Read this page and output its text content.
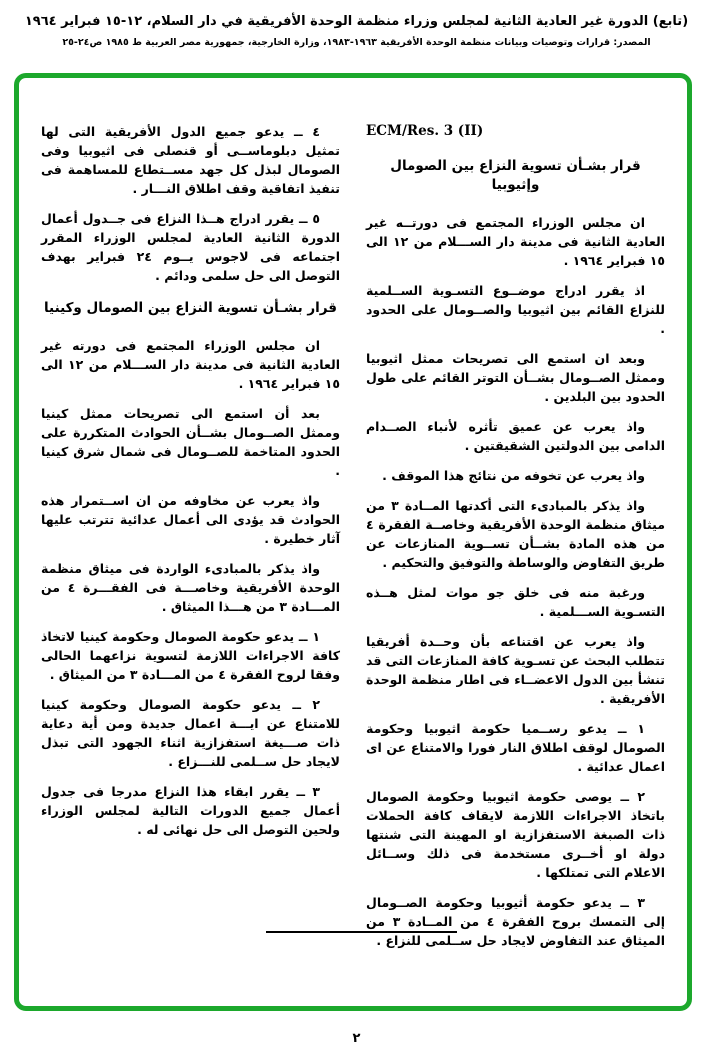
(تابع) الدورة غير العادية الثانية لمجلس وزراء منظمة الوحدة الأفريقية في دار السلام، ١٢-١٥ فبراير ١٩٦٤
المصدر: قرارات وتوصيات وبيانات منظمة الوحدة الأفريقية ١٩٦٣-١٩٨٣، وزارة الخارجية، جمهورية مصر العربية ط ١٩٨٥ ص٢٤-٢٥
ECM/Res. 3 (II)
قرار بشـأن تسوية النزاع بين الصومال وإثيوبيا

ان مجلس الوزراء المجتمع فى دورتــه غير العادية الثانية فى مدينة دار الســـلام من ١٢ الى ١٥ فبراير ١٩٦٤ .

اذ يقرر ادراج موضــوع التسـوية الســلمية للنزاع القائم بين اثيوبيا والصــومال على الحدود .

وبعد ان استمع الى تصريحات ممثل اثيوبيا وممثل الصــومال بشــأن التوتر القائم على طول الحدود بين البلدين .

واذ يعرب عن عميق تأثره لأنباء الصــدام الدامى بين الدولتين الشقيقتين .

واذ يعرب عن تخوفه من نتائج هذا الموقف .

واذ يذكر بالمبادىء التى أكدتها المــادة ٣ من ميثاق منظمة الوحدة الأفريقية وخاصــة الفقرة ٤ من هذه المادة بشــأن تســوية المنازعات عن طريق التفاوض والوساطة والتوفيق والتحكيم .

ورغبة منه فى خلق جو موات لمثل هــذه التسـوية الســـلمية .

واذ يعرب عن اقتناعه بأن وحــدة أفريقيا تتطلب البحث عن تسـوية كافة المنازعات التى قد تنشأ بين الدول الاعضــاء فى اطار منظمة الوحدة الأفريقية .

١ ــ يدعو رســميا حكومة اثيوبيا وحكومة الصومال لوقف اطلاق النار فورا والامتناع عن اى اعمال عدائية .

٢ ــ يوصى حكومة اثيوبيا وحكومة الصومال باتخاذ الاجراءات اللازمة لايقاف كافة الحملات ذات الصبغة الاستفزازية او المهينة التى شنتها دولة او أخــرى مستخدمة فى ذلك وســائل الاعلام التى تمتلكها .

٣ ــ يدعو حكومة أثيوبيا وحكومة الصــومال إلى التمسك بروح الفقرة ٤ من المــادة ٣ من الميثاق عند التفاوض لايجاد حل ســلمى للنزاع .

٤ ــ يدعو جميع الدول الأفريقية التى لها تمثيل دبلوماســى أو قنصلى فى اثيوبيا وفى الصومال لبذل كل جهد مســتطاع للمساهمة فى تنفيذ اتفاقية وقف اطلاق النـــار .

٥ ــ يقرر ادراج هــذا النزاع فى جــدول أعمال الدورة الثانية العادية لمجلس الوزراء المقرر اجتماعه فى لاجوس يــوم ٢٤ فبراير بهدف التوصل الى حل سلمى ودائم .

قرار بشـأن تسوية النزاع بين الصومال وكينيا

ان مجلس الوزراء المجتمع فى دورته غير العادية الثانية فى مدينة دار الســـلام من ١٢ الى ١٥ فبراير ١٩٦٤ .

بعد أن استمع الى تصريحات ممثل كينيا وممثل الصــومال بشــأن الحوادث المتكررة على الحدود المتاخمة للصــومال فى شمال شرق كينيا .

واذ يعرب عن مخاوفه من ان اســتمرار هذه الحوادث قد يؤدى الى أعمال عدائية تترتب عليها آثار خطيرة .

واذ يذكر بالمبادىء الواردة فى ميثاق منظمة الوحدة الأفريقية وخاصـــة فى الفقـــرة ٤ من المـــادة ٣ من هـــذا الميثاق .

١ ــ يدعو حكومة الصومال وحكومة كينيا لاتخاذ كافة الاجراءات اللازمة لتسوية نزاعهما الحالى وفقا لروح الفقرة ٤ من المـــادة ٣ من الميثاق .

٢ ــ يدعو حكومة الصومال وحكومة كينيا للامتناع عن ايـــة اعمال جديدة ومن أية دعاية ذات صـــيغة استفزازية اثناء الجهود التى تبذل لايجاد حل ســلمى للنـــزاع .

٣ ــ يقرر ابقاء هذا النزاع مدرجا فى جدول أعمال جميع الدورات التالية لمجلس الوزراء ولحين التوصل الى حل نهائى له .

٢
